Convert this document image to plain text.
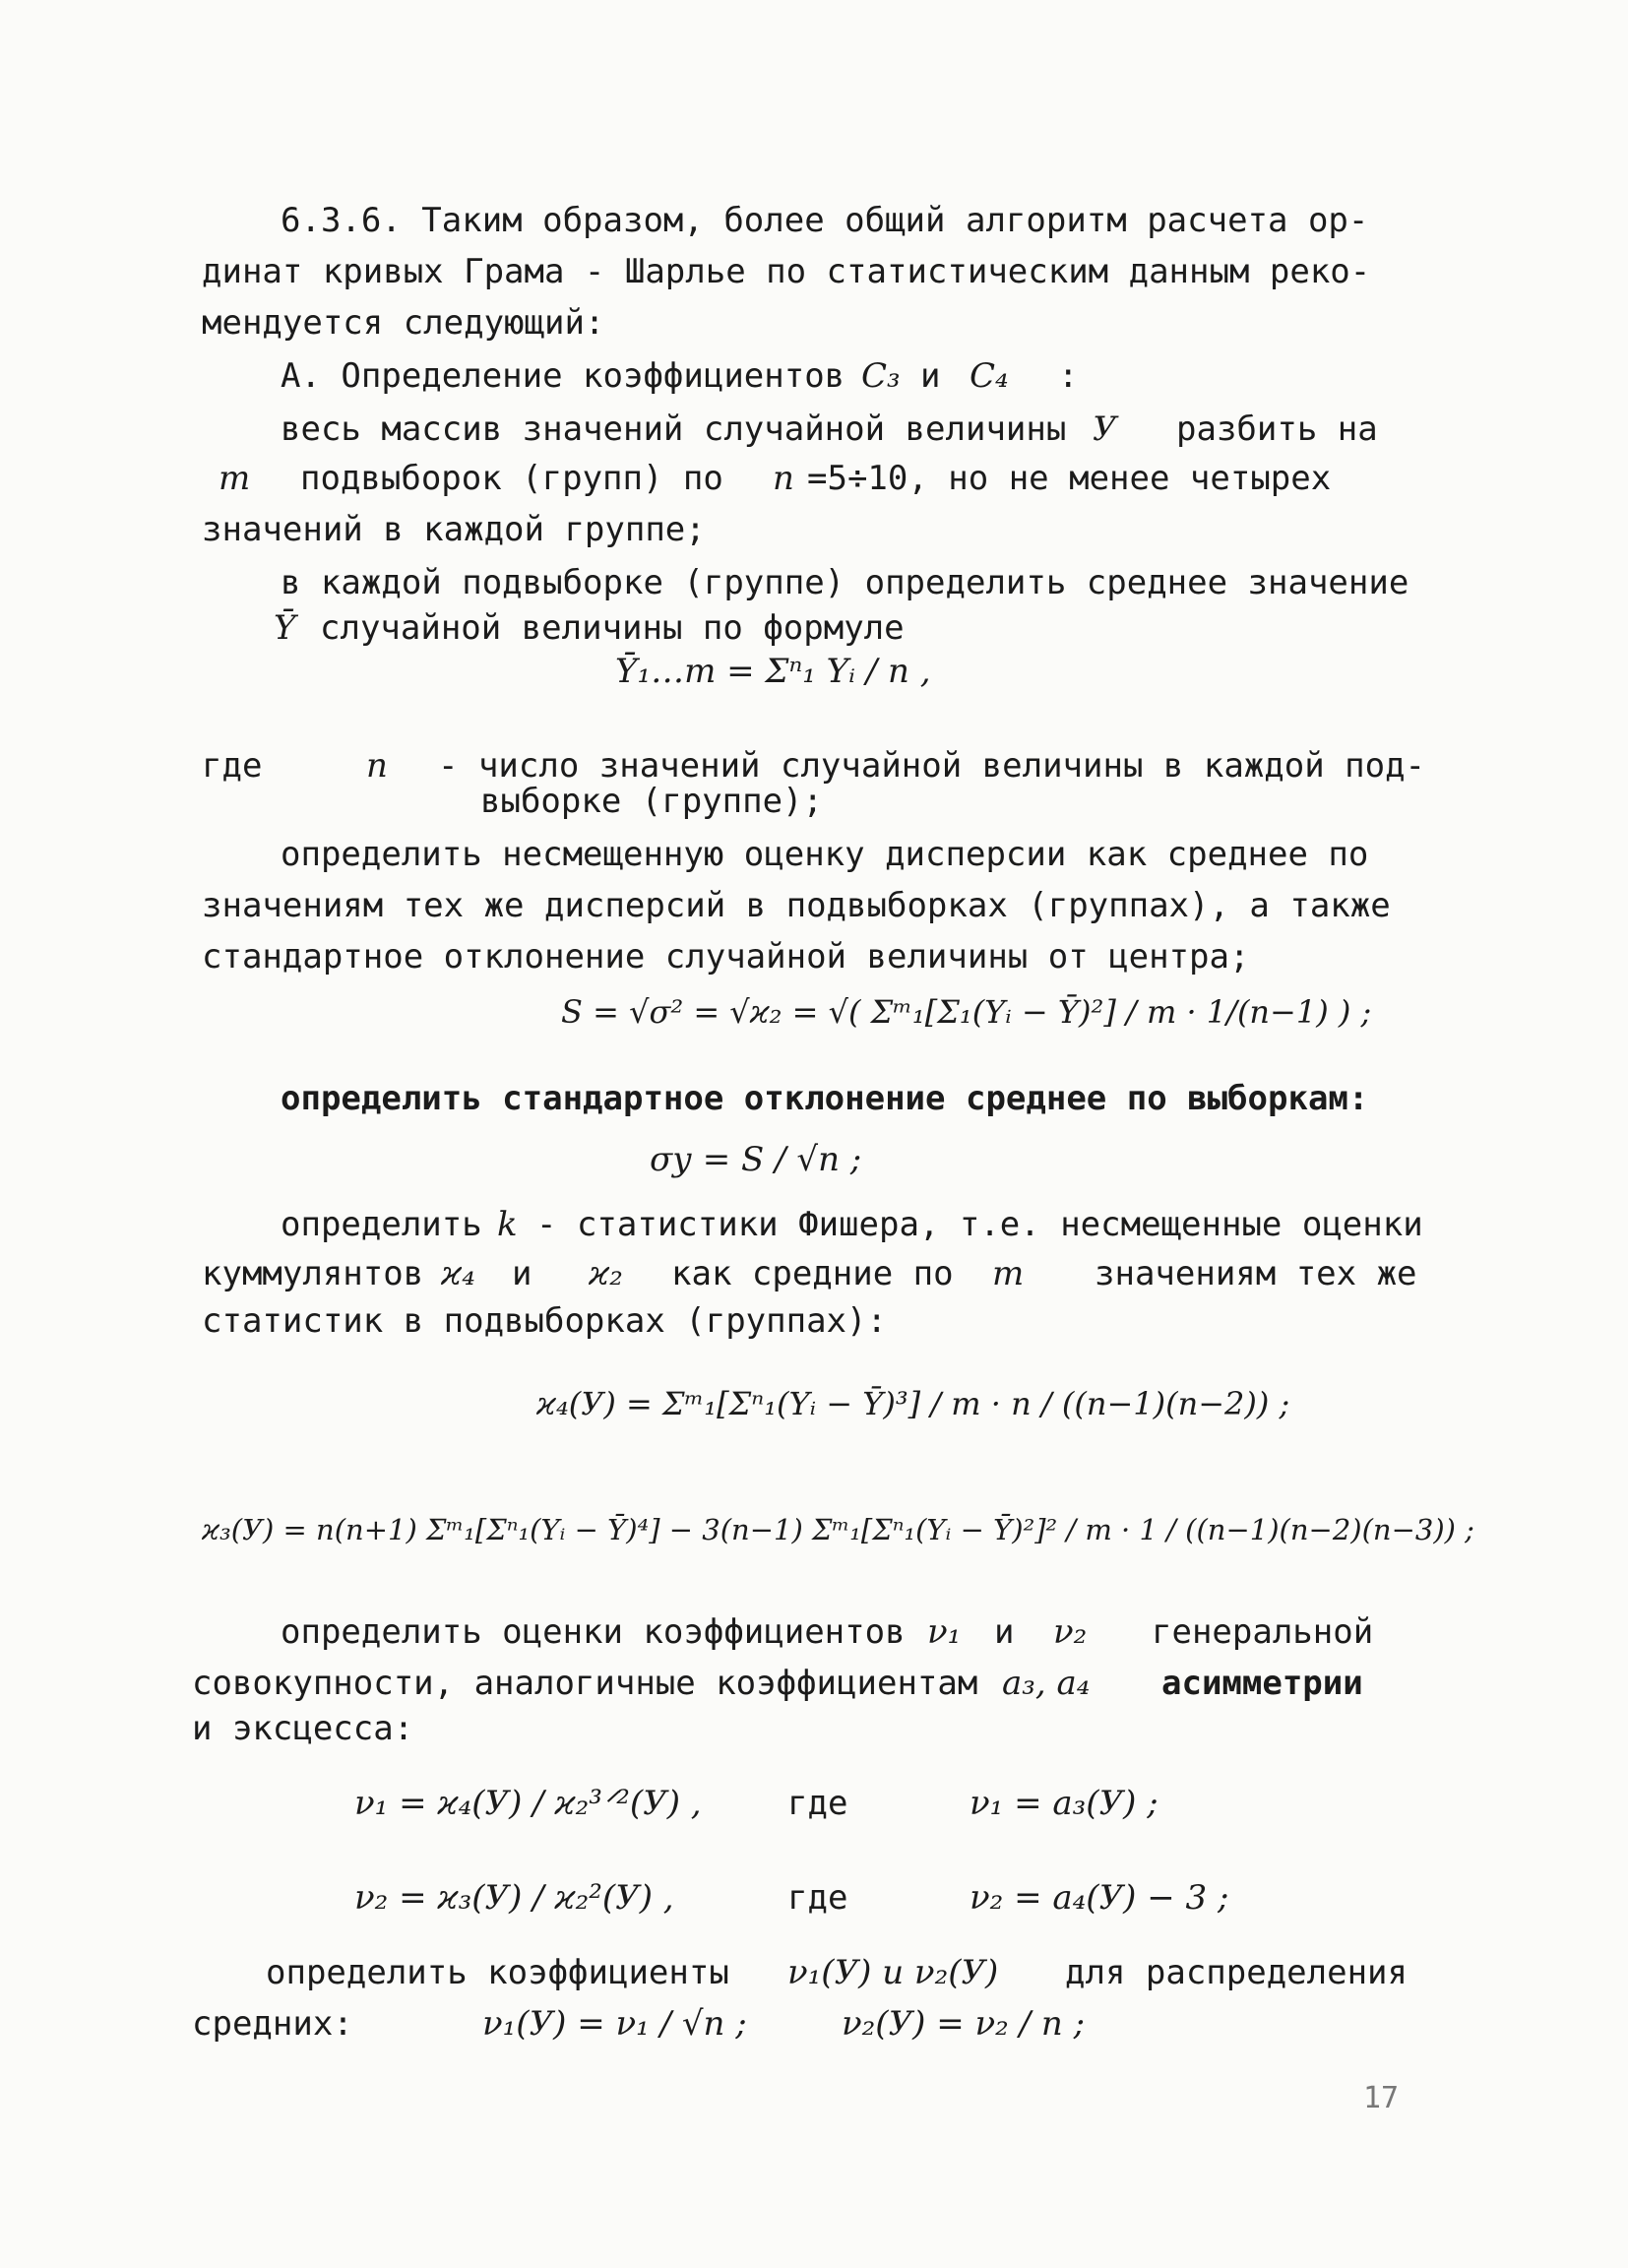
6.3.6. Таким образом, более общий алгоритм расчета ор-
динат кривых Грама - Шарлье по статистическим данным реко-
мендуется следующий:
А. Определение коэффициентов C₃ и C₄ :
весь массив значений случайной величины У разбить на
m подвыборок (групп) по n =5÷10, но не менее четырех
значений в каждой группе;
в каждой подвыборке (группе) определить среднее значение
Ȳ случайной величины по формуле
Ȳ₁…m = Σⁿ₁ Yᵢ / n ,
где	n - число значений случайной величины в каждой под-
выборке (группе);
определить несмещенную оценку дисперсии как среднее по
значениям тех же дисперсий в подвыборках (группах), а также
стандартное отклонение случайной величины от центра;
S = √σ² = √ϰ₂ = √( Σᵐ₁[Σ₁(Yᵢ − Ȳ)²] / m · 1/(n−1) ) ;
определить стандартное отклонение среднее по выборкам:
σу = S / √n ;
определить k - статистики Фишера, т.е. несмещенные оценки
куммулянтов ϰ₄ и ϰ₂ как средние по m значениям тех же
статистик в подвыборках (группах):
ϰ₄(У) = Σᵐ₁[Σⁿ₁(Yᵢ − Ȳ)³] / m · n / ((n−1)(n−2)) ;
ϰ₃(У) = n(n+1) Σᵐ₁[Σⁿ₁(Yᵢ − Ȳ)⁴] − 3(n−1) Σᵐ₁[Σⁿ₁(Yᵢ − Ȳ)²]² / m · 1 / ((n−1)(n−2)(n−3)) ;
определить оценки коэффициентов ν₁ и ν₂ генеральной
совокупности, аналогичные коэффициентам a₃, a₄ асимметрии
и эксцесса:
ν₁ = ϰ₄(У) / ϰ₂³ᐟ²(У) ,	где	ν₁ = a₃(У) ;
ν₂ = ϰ₃(У) / ϰ₂²(У) ,	где	ν₂ = a₄(У) − 3 ;
определить коэффициенты ν₁(У) и ν₂(У) для распределения
средних:	ν₁(У) = ν₁ / √n ;	ν₂(У) = ν₂ / n ;
17
